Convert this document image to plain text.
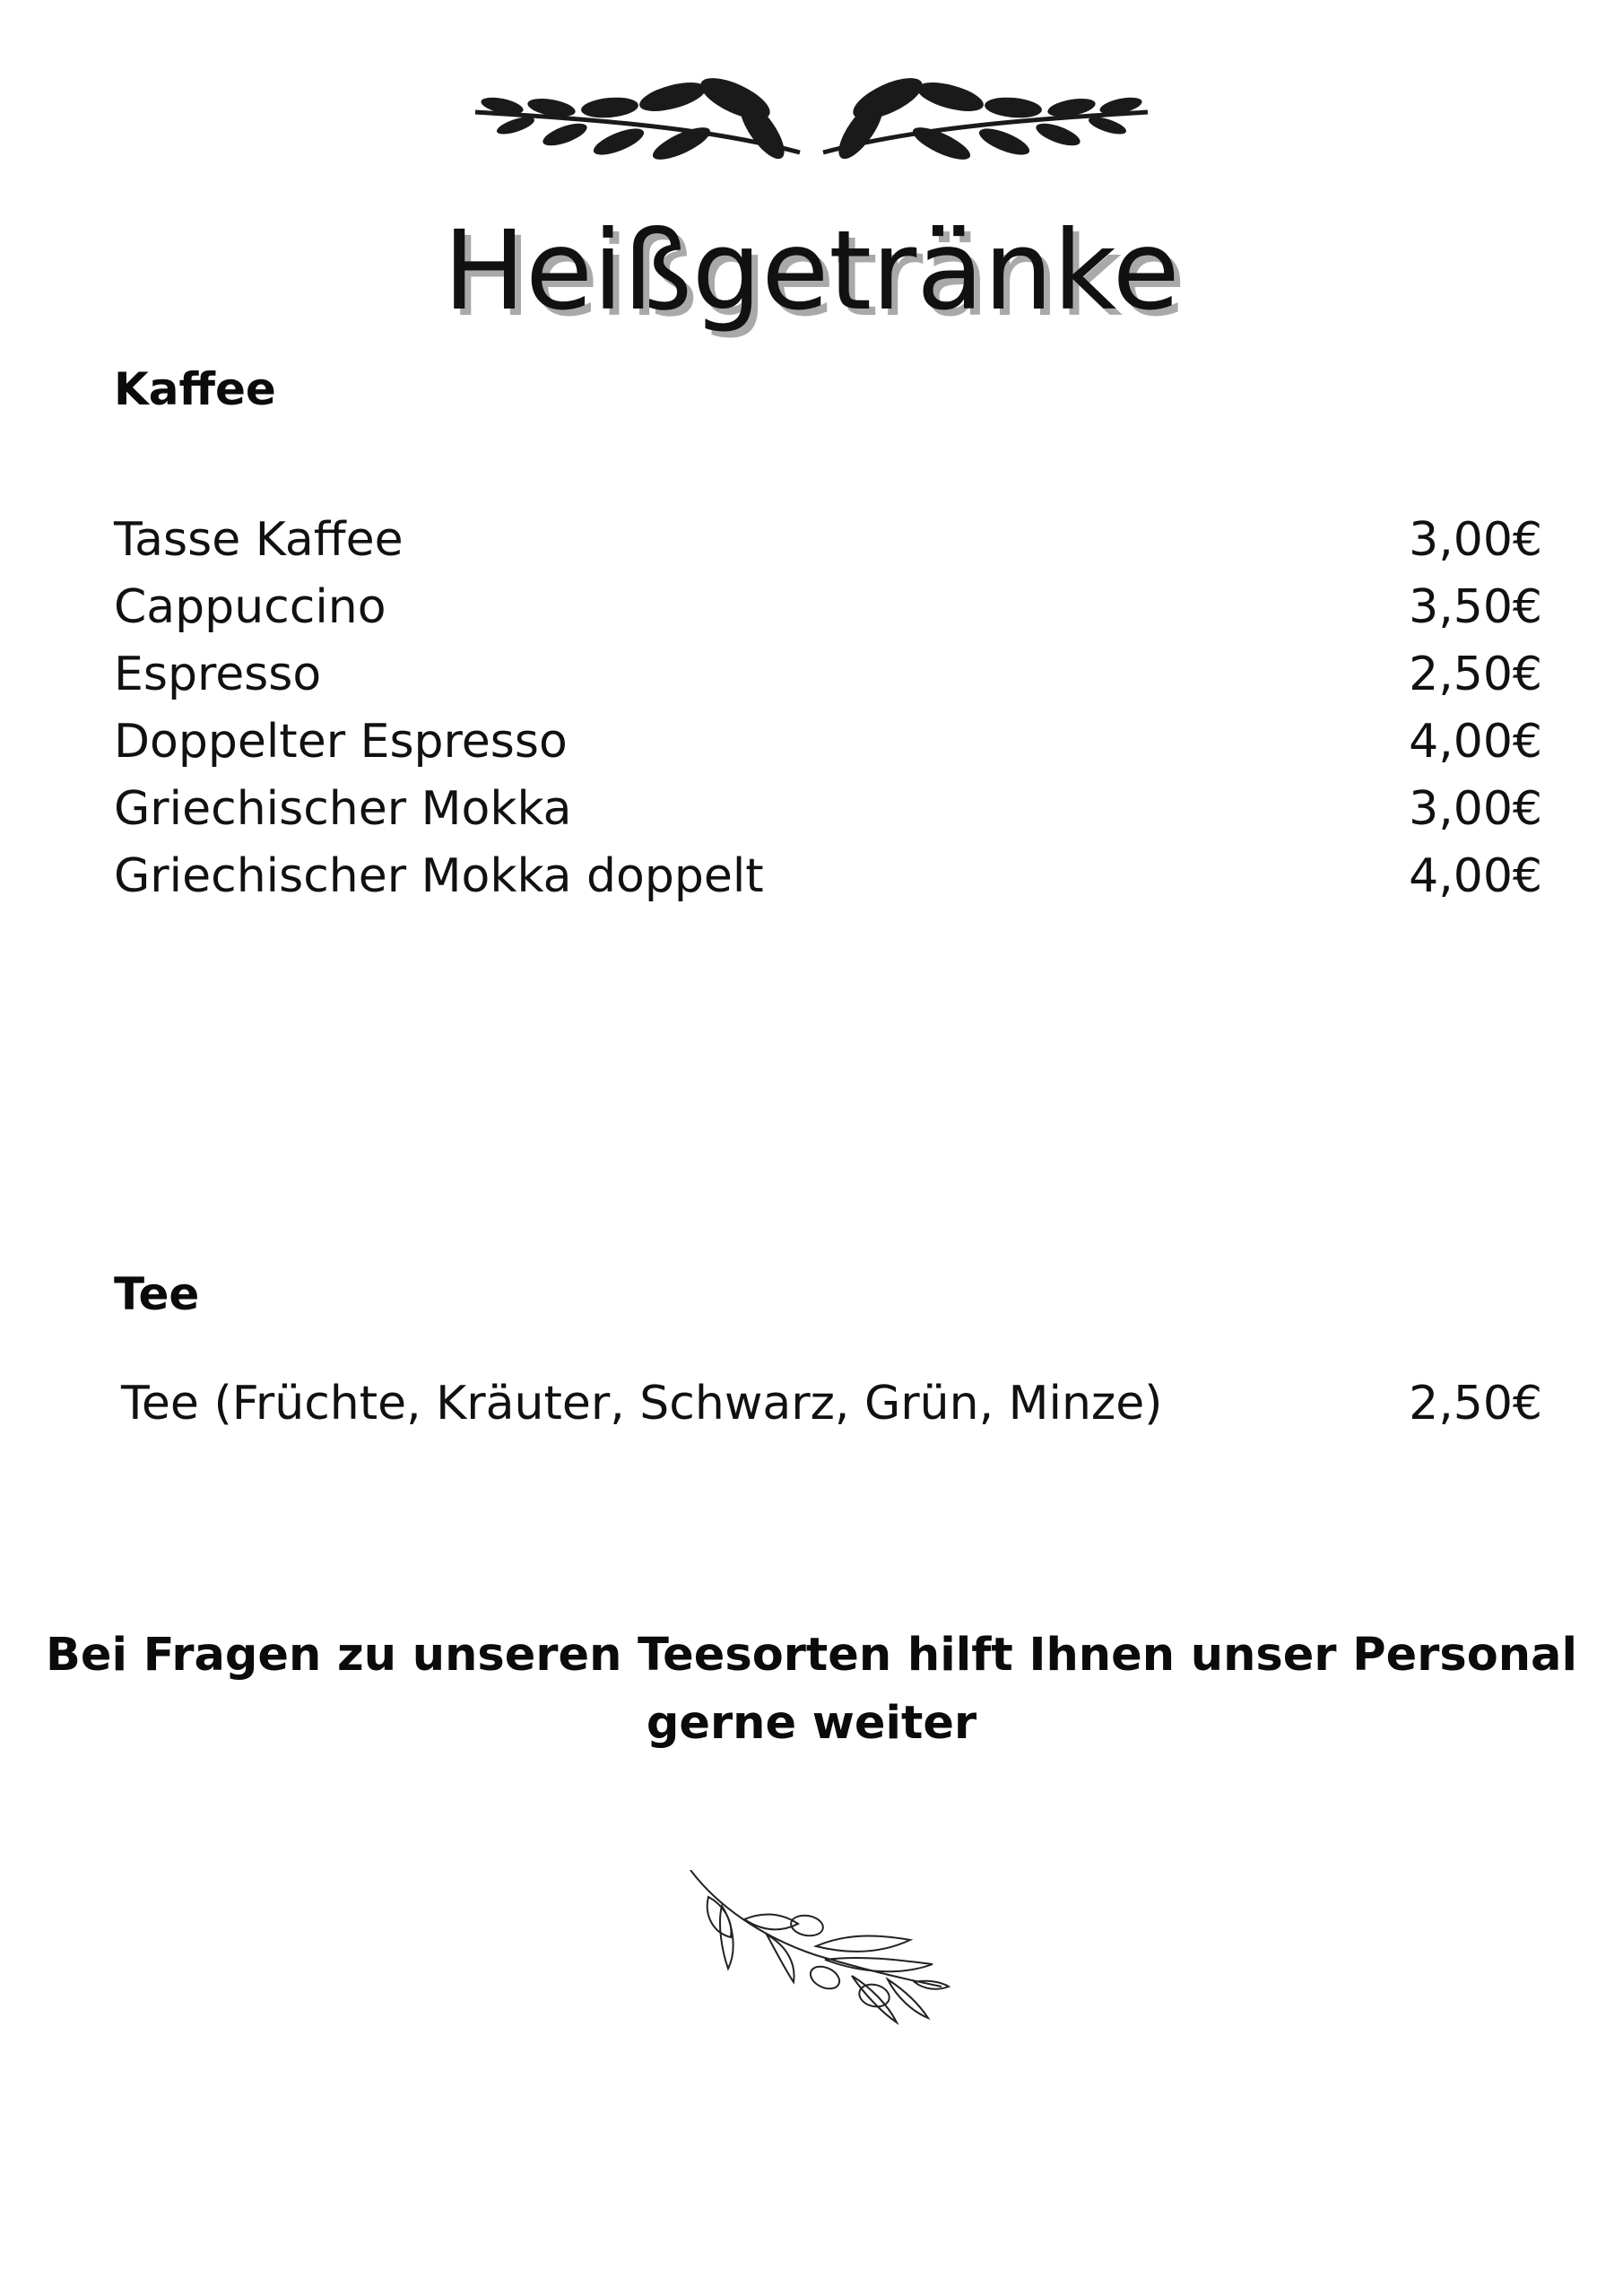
Heißgetränke
Kaffee
Tasse Kaffee	3,00€
Cappuccino	3,50€
Espresso	2,50€
Doppelter Espresso	4,00€
Griechischer Mokka	3,00€
Griechischer Mokka doppelt	4,00€
Tee
Tee (Früchte, Kräuter, Schwarz, Grün, Minze)	2,50€

Bei Fragen zu unseren Teesorten hilft Ihnen unser Personal gerne weiter
